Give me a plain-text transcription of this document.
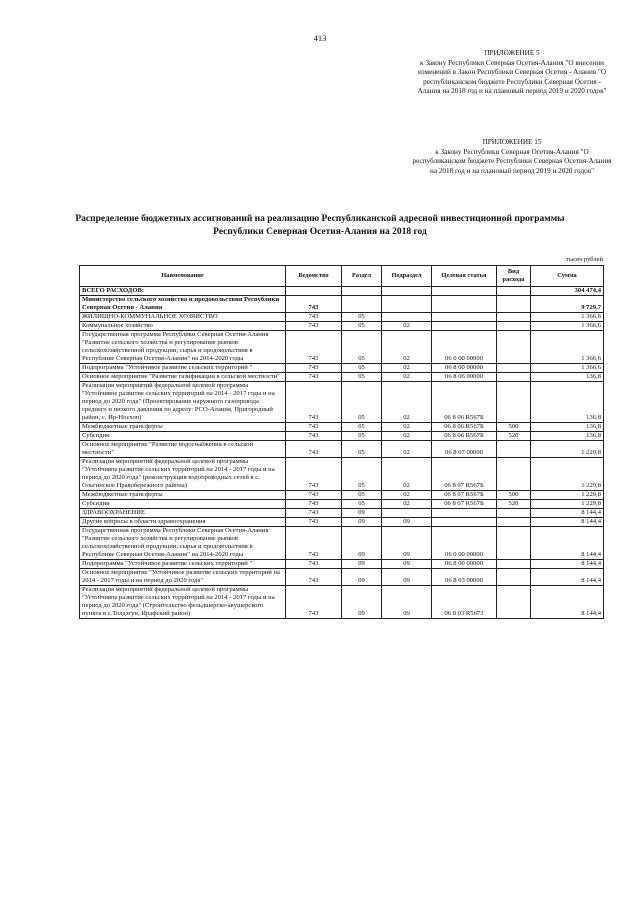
413
ПРИЛОЖЕНИЕ 5
к Закону Республики Северная Осетия-Алания "О внесении изменений в Закон Республики Северная Осетия - Алания "О республиканском бюджете Республики Северная Осетия - Алания на 2018 год и на плановый период 2019 и 2020 годов"
ПРИЛОЖЕНИЕ 15
к Закону Республики Северная Осетия-Алания "О республиканском бюджете Республики Северная Осетия-Алания на 2018 год и на плановый период 2019 и 2020 годов"
Распределение бюджетных ассигнований на реализацию Республиканской адресной инвестиционной программы Республики Северная Осетия-Алания на 2018 год
тысяч рублей
Наименование	Ведомство	Раздел	Подраздел	Целевая статья	Вид расхода	Сумма
ВСЕГО РАСХОДОВ:						304 474,4
Министерство сельского хозяйства и продовольствия Республики Северная Осетия - Алания	743					9 729,7
ЖИЛИЩНО-КОММУНАЛЬНОЕ ХОЗЯЙСТВО	743	05				1 366,6
Коммунальное хозяйство	743	05	02			1 366,6
Государственная программа Республики Северная Осетия-Алания "Развитие сельского хозяйства и регулирование рынков сельскохозяйственной продукции, сырья и продовольствия в Республике Северная Осетия-Алания" на 2014-2020 годы	743	05	02	06 0 00 00000		1 366,6
Подпрограмма "Устойчивое развитие сельских территорий "	743	05	02	06 8 00 00000		1 366,6
Основное мероприятие "Развитие газификации в сельской местности"	743	05	02	06 8 06 00000		136,8
Реализация мероприятий федеральной целевой программы "Устойчивое развитие сельских территорий на 2014 - 2017 годы и на период до 2020 года" (Проектирование наружного газопровода среднего и низкого давления по адресу: РСО-Алания, Пригородный район, с. Ир-Носхоп)	743	05	02	06 8 06 R567Б		136,8
Межбюджетные трансферты	743	05	02	06 8 06 R567Б	500	136,8
Субсидии	743	05	02	06 8 06 R567Б	520	136,8
Основное мероприятие "Развитие водоснабжения в сельской местности"	743	05	02	06 8 07 00000		1 229,8
Реализация мероприятий федеральной целевой программы "Устойчивое развитие сельских территорий на 2014 - 2017 годы и на период до 2020 года" (реконструкция водопроводных сетей в с. Ольгинское Правобережного района)	743	05	02	06 8 07 R567Б		1 229,8
Межбюджетные трансферты	743	05	02	06 8 07 R567Б	500	1 229,8
Субсидии	743	05	02	06 8 07 R567Б	520	1 229,8
ЗДРАВООХРАНЕНИЕ	743	09				8 144,4
Другие вопросы в области здравоохранения	743	09	09			8 144,4
Государственная программа Республики Северная Осетия-Алания "Развитие сельского хозяйства и регулирование рынков сельскохозяйственной продукции, сырья и продовольствия в Республике Северная Осетия-Алания" на 2014-2020 годы	743	09	09	06 0 00 00000		8 144,4
Подпрограмма "Устойчивое развитие сельских территорий "	743	09	09	06 8 00 00000		8 144,4
Основное мероприятие "Устойчивое развитие сельских территорий на 2014 - 2017 годы и на период до 2020 года"	743	09	09	06 8 03 00000		8 144,4
Реализация мероприятий федеральной целевой программы "Устойчивое развитие сельских территорий на 2014 - 2017 годы и на период до 2020 года" (Строительство фельдшерско-акушерского пункта в с.Толдзгун, Ирафский район)	743	09	09	06 8 03 R5673		8 144,4
